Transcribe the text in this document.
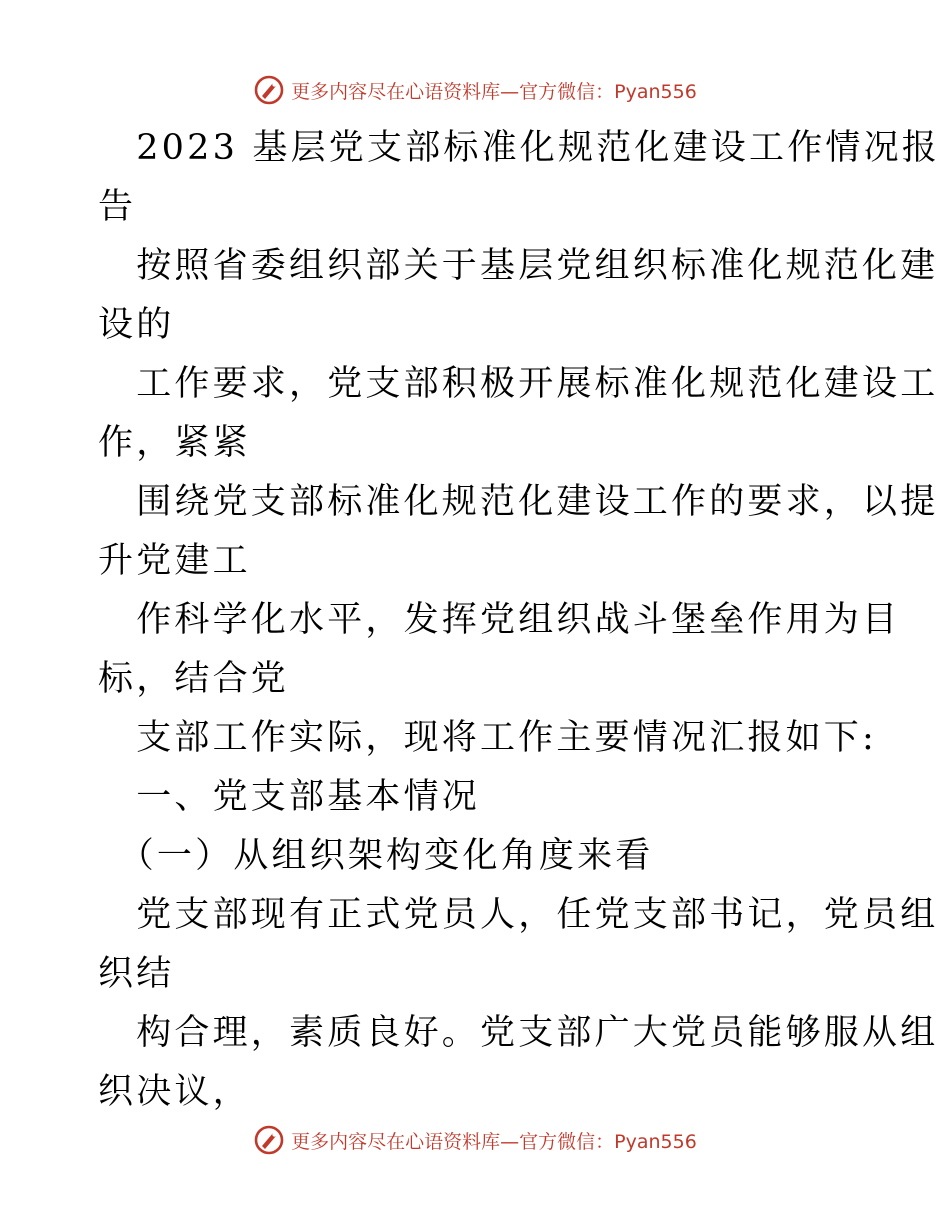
更多内容尽在心语资料库—官方微信：Pyan556
　2023 基层党支部标准化规范化建设工作情况报
告
　按照省委组织部关于基层党组织标准化规范化建
设的
　工作要求，党支部积极开展标准化规范化建设工
作，紧紧
　围绕党支部标准化规范化建设工作的要求，以提
升党建工
　作科学化水平，发挥党组织战斗堡垒作用为目
标，结合党
　支部工作实际，现将工作主要情况汇报如下:
　一、党支部基本情况
　（一）从组织架构变化角度来看
　党支部现有正式党员人，任党支部书记，党员组
织结
　构合理，素质良好。党支部广大党员能够服从组
织决议，
更多内容尽在心语资料库—官方微信：Pyan556
